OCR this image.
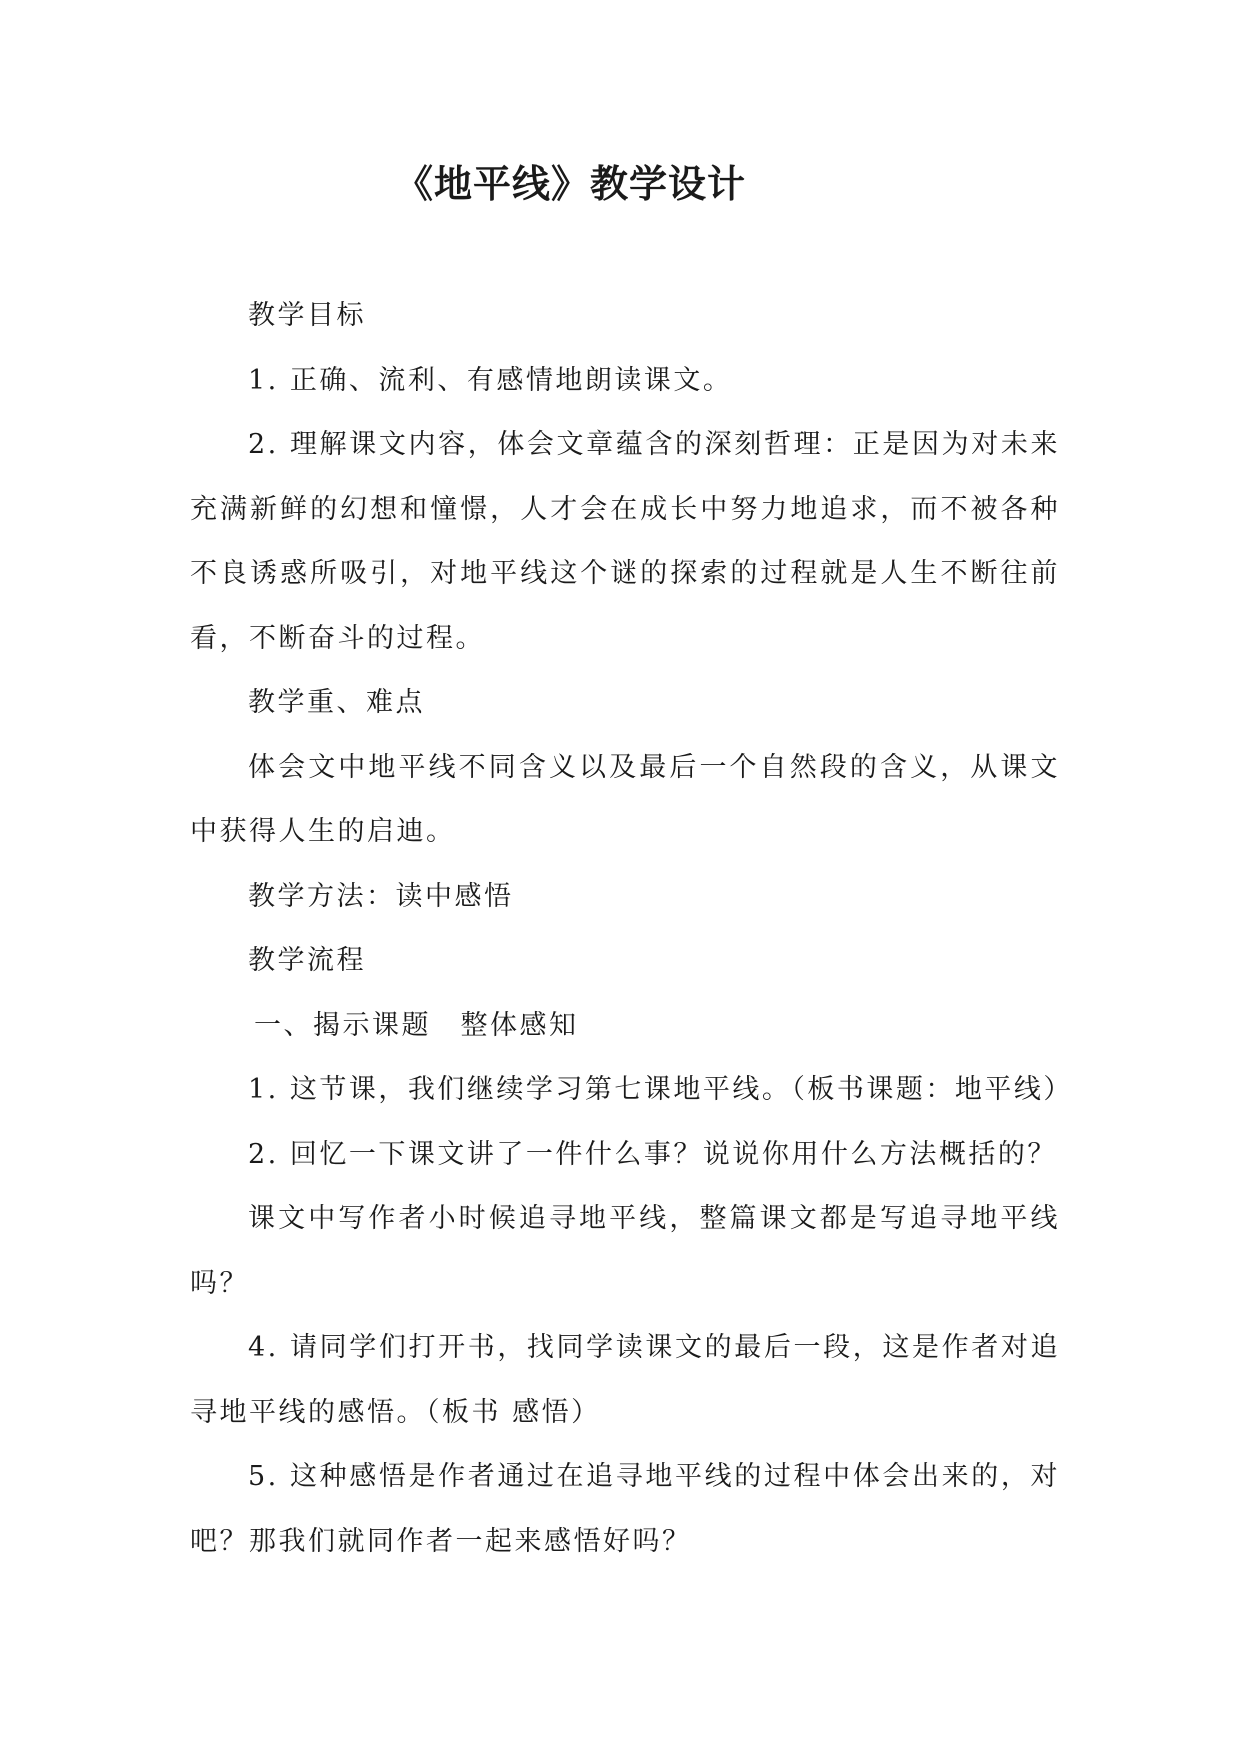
《地平线》教学设计

教学目标

1. 正确、流利、有感情地朗读课文。

2. 理解课文内容，体会文章蕴含的深刻哲理：正是因为对未来充满新鲜的幻想和憧憬，人才会在成长中努力地追求，而不被各种不良诱惑所吸引，对地平线这个谜的探索的过程就是人生不断往前看，不断奋斗的过程。

教学重、难点

体会文中地平线不同含义以及最后一个自然段的含义，从课文中获得人生的启迪。

教学方法：读中感悟

教学流程

一、揭示课题　整体感知

1. 这节课，我们继续学习第七课地平线。（板书课题：地平线）

2. 回忆一下课文讲了一件什么事？说说你用什么方法概括的？

课文中写作者小时候追寻地平线，整篇课文都是写追寻地平线吗？

4. 请同学们打开书，找同学读课文的最后一段，这是作者对追寻地平线的感悟。（板书 感悟）

5. 这种感悟是作者通过在追寻地平线的过程中体会出来的，对吧？那我们就同作者一起来感悟好吗？
